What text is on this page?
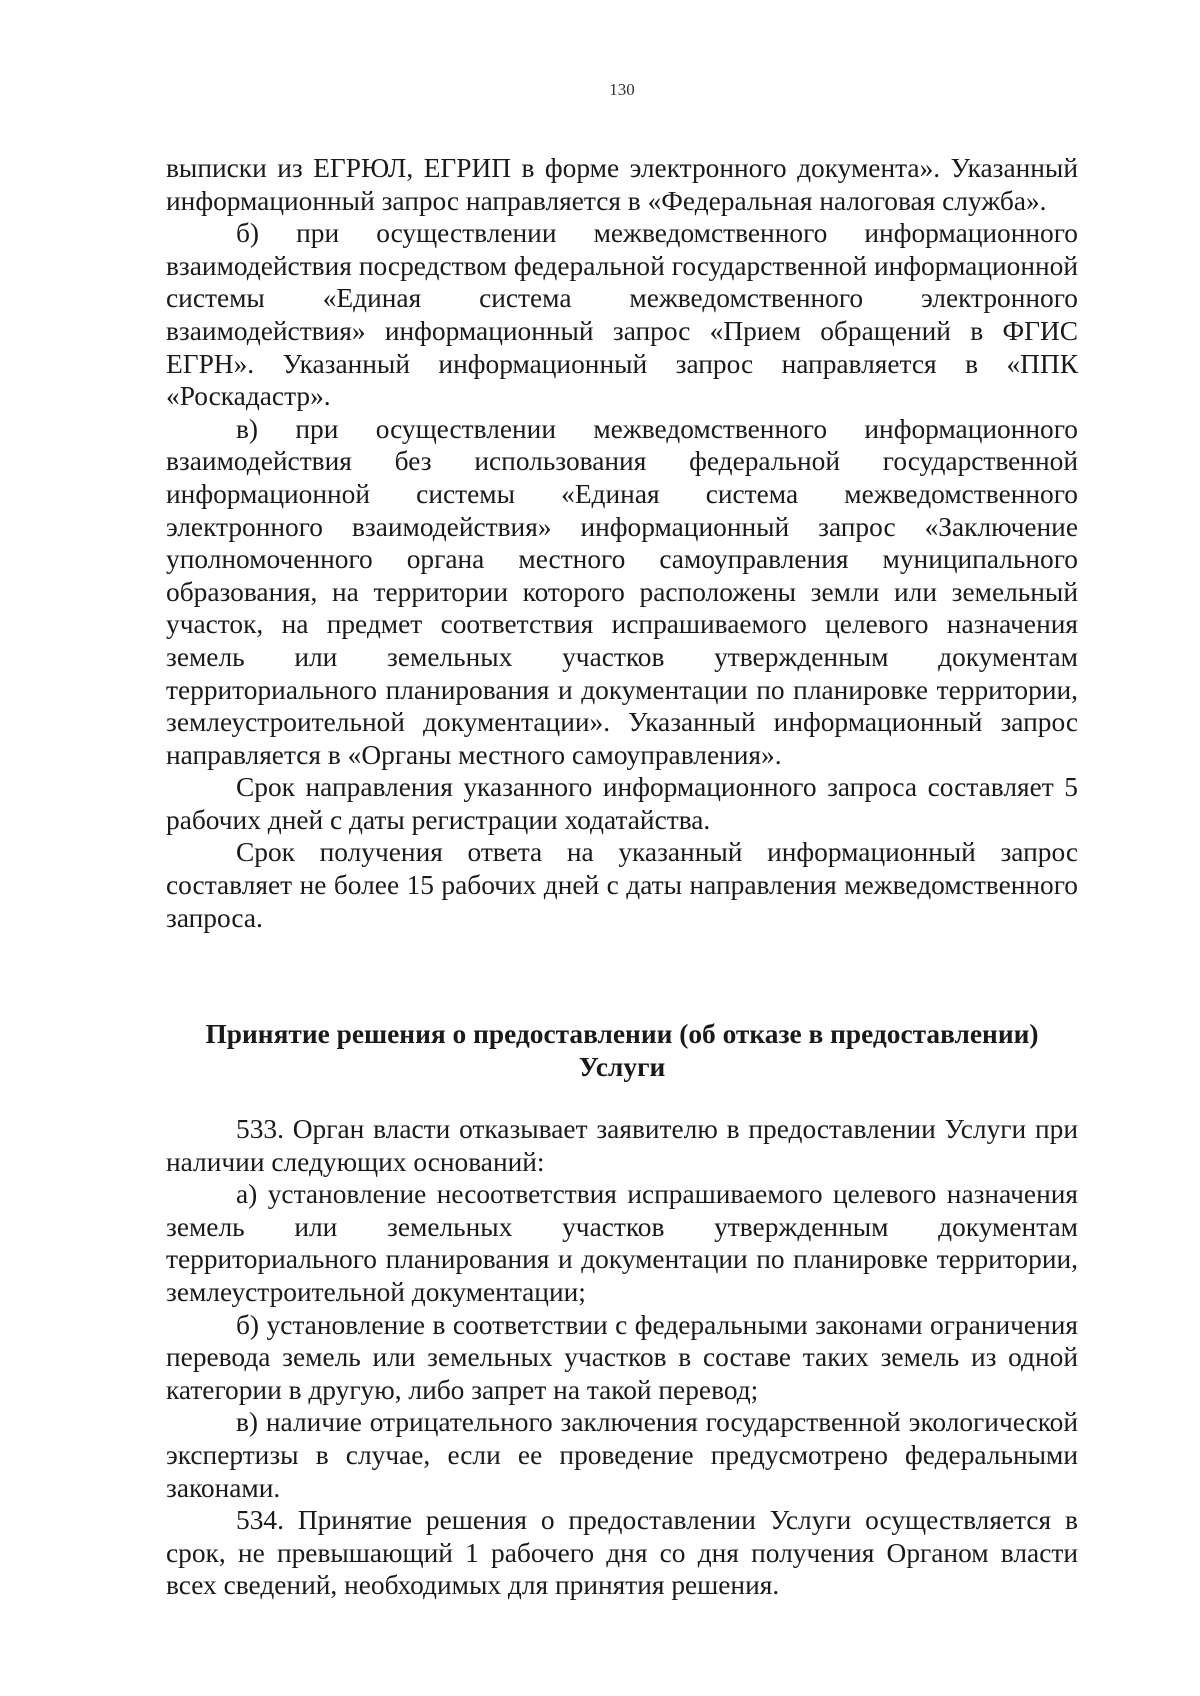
130

выписки из ЕГРЮЛ, ЕГРИП в форме электронного документа». Указанный информационный запрос направляется в «Федеральная налоговая служба».

б) при осуществлении межведомственного информационного взаимодействия посредством федеральной государственной информационной системы «Единая система межведомственного электронного взаимодействия» информационный запрос «Прием обращений в ФГИС ЕГРН». Указанный информационный запрос направляется в «ППК «Роскадастр».

в) при осуществлении межведомственного информационного взаимодействия без использования федеральной государственной информационной системы «Единая система межведомственного электронного взаимодействия» информационный запрос «Заключение уполномоченного органа местного самоуправления муниципального образования, на территории которого расположены земли или земельный участок, на предмет соответствия испрашиваемого целевого назначения земель или земельных участков утвержденным документам территориального планирования и документации по планировке территории, землеустроительной документации». Указанный информационный запрос направляется в «Органы местного самоуправления».

Срок направления указанного информационного запроса составляет 5 рабочих дней с даты регистрации ходатайства.

Срок получения ответа на указанный информационный запрос составляет не более 15 рабочих дней с даты направления межведомственного запроса.

Принятие решения о предоставлении (об отказе в предоставлении)
Услуги

533. Орган власти отказывает заявителю в предоставлении Услуги при наличии следующих оснований:

а) установление несоответствия испрашиваемого целевого назначения земель или земельных участков утвержденным документам территориального планирования и документации по планировке территории, землеустроительной документации;

б) установление в соответствии с федеральными законами ограничения перевода земель или земельных участков в составе таких земель из одной категории в другую, либо запрет на такой перевод;

в) наличие отрицательного заключения государственной экологической экспертизы в случае, если ее проведение предусмотрено федеральными законами.

534. Принятие решения о предоставлении Услуги осуществляется в срок, не превышающий 1 рабочего дня со дня получения Органом власти всех сведений, необходимых для принятия решения.
